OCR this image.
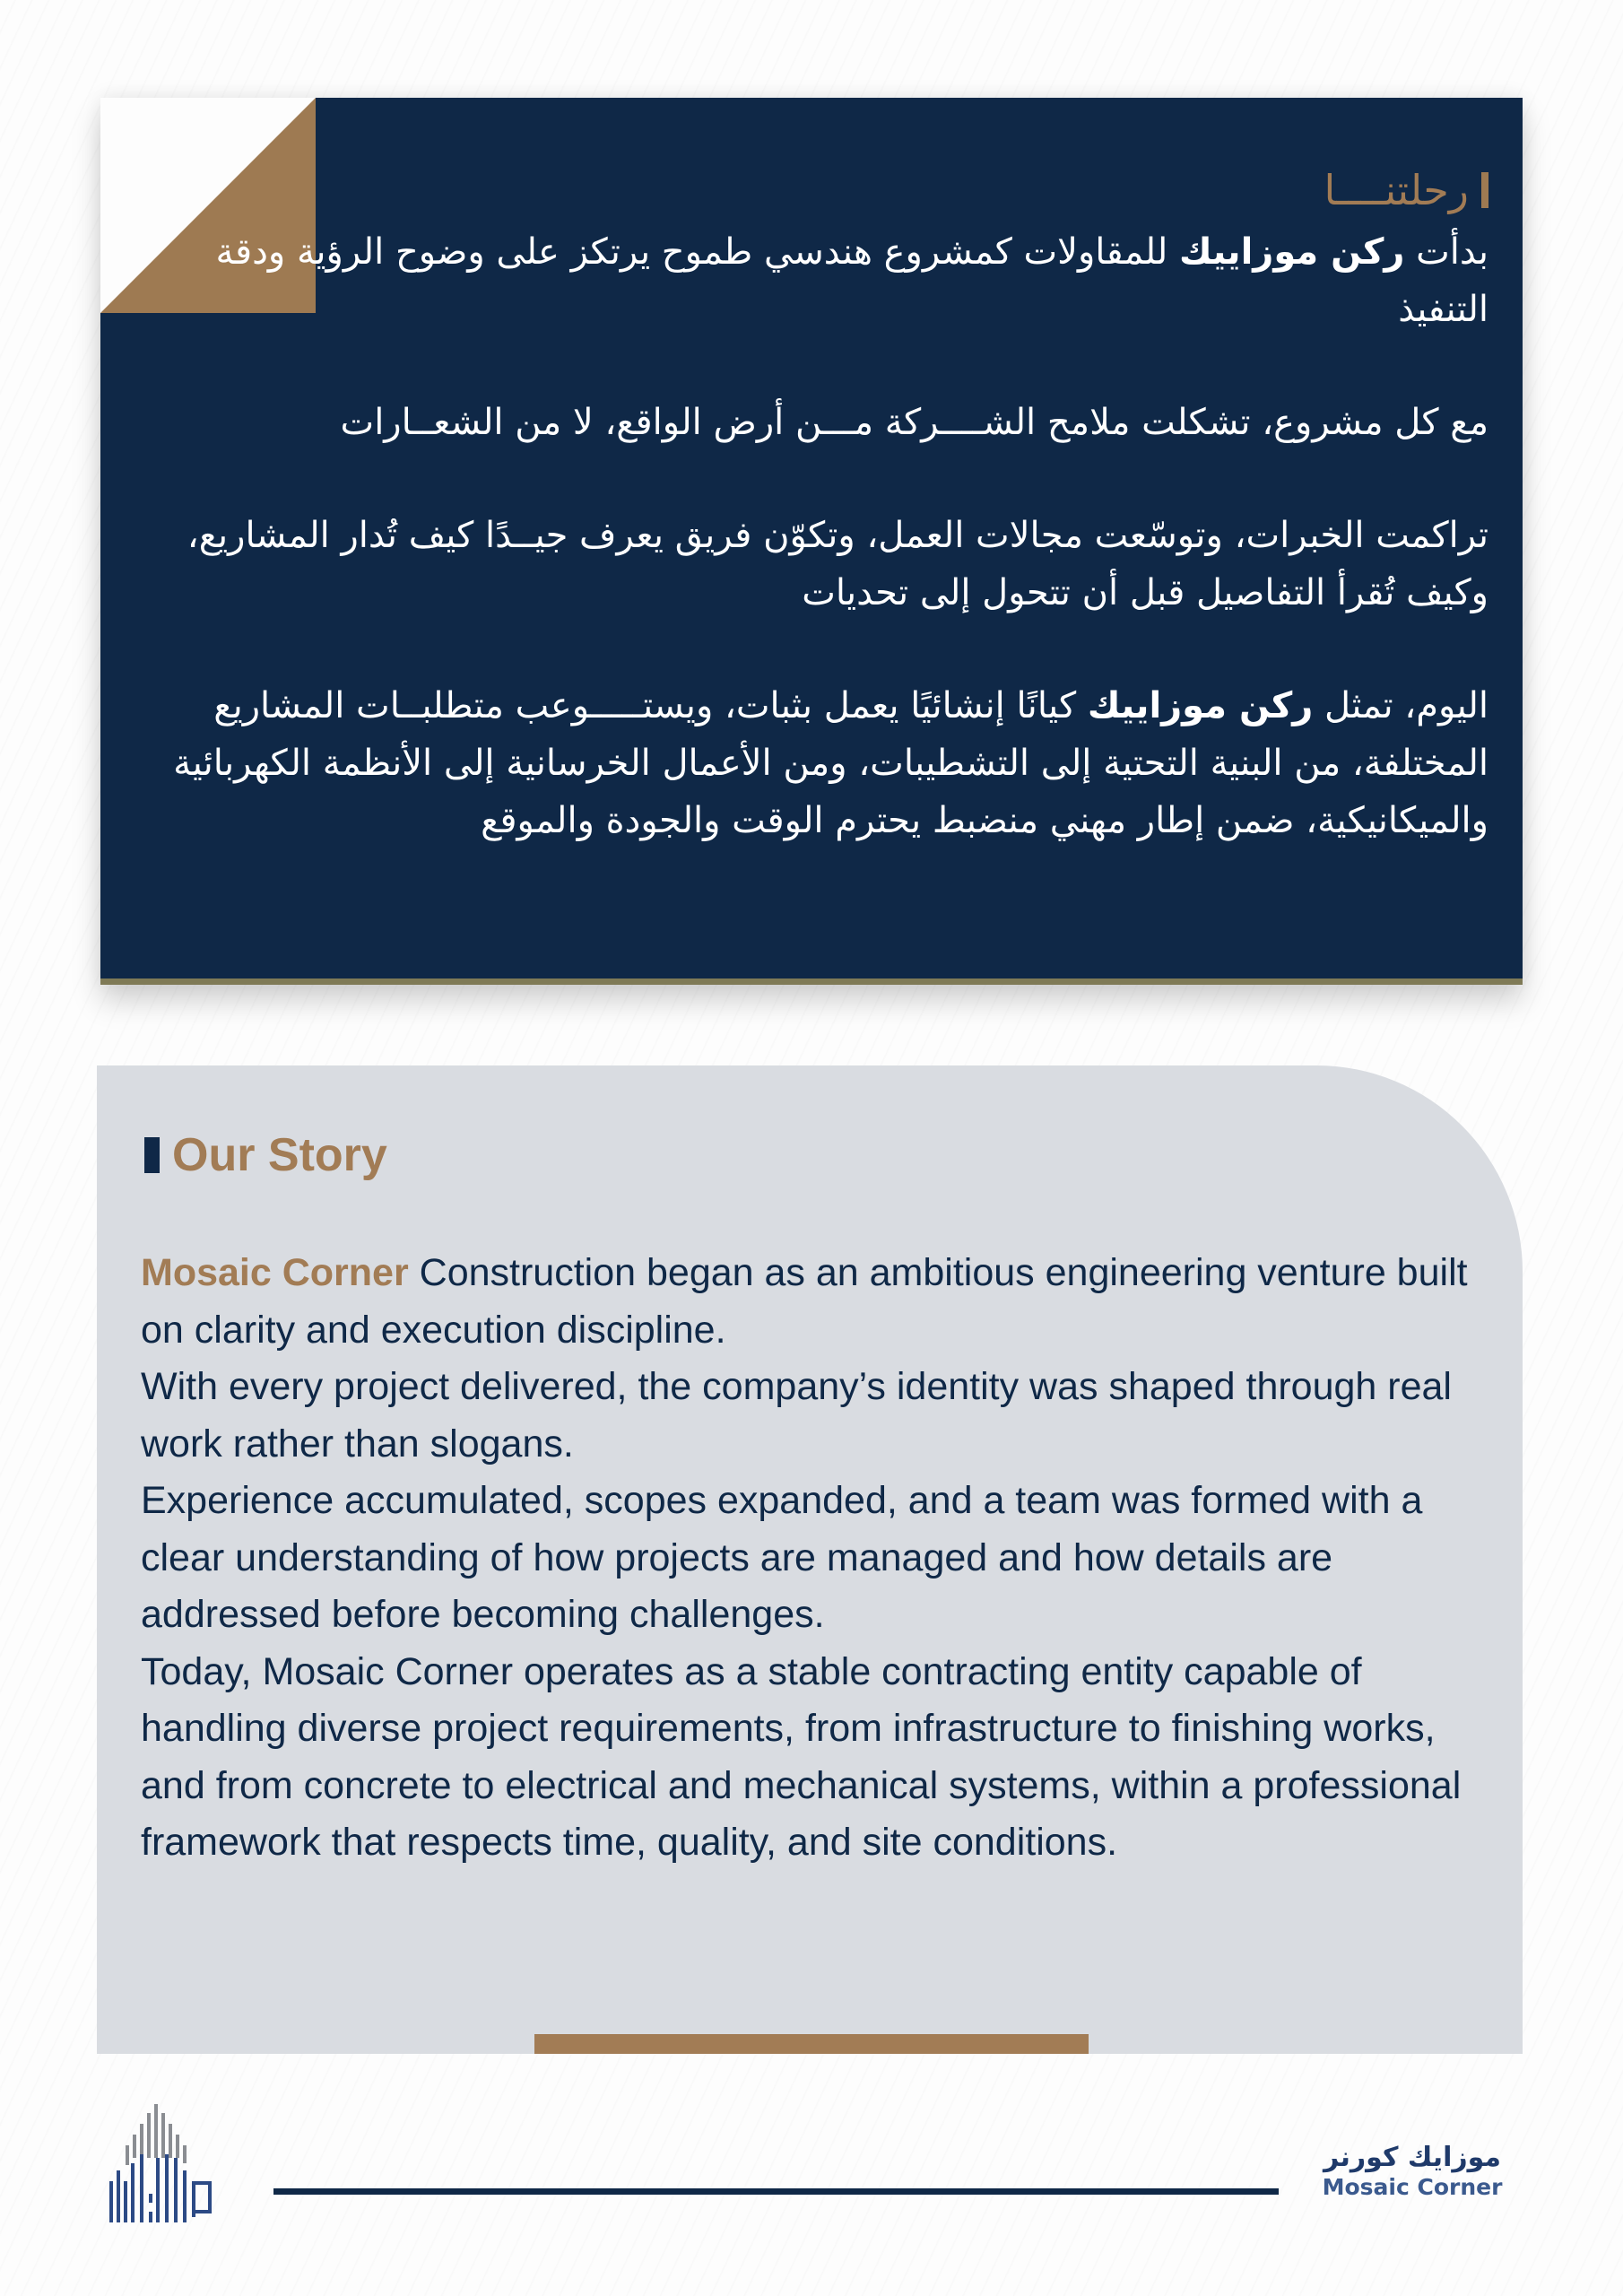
رحلتنــــا

بدأت ركن موزاييك للمقاولات كمشروع هندسي طموح يرتكز على وضوح الرؤية ودقة التنفيذ

مع كل مشروع، تشكلت ملامح الشــــركة مـــن أرض الواقع، لا من الشعــارات

تراكمت الخبرات، وتوسّعت مجالات العمل، وتكوّن فريق يعرف جيــدًا كيف تُدار المشاريع، وكيف تُقرأ التفاصيل قبل أن تتحول إلى تحديات

اليوم، تمثل ركن موزاييك كيانًا إنشائيًا يعمل بثبات، ويستـــــوعب متطلبــات المشاريع المختلفة، من البنية التحتية إلى التشطيبات، ومن الأعمال الخرسانية إلى الأنظمة الكهربائية والميكانيكية، ضمن إطار مهني منضبط يحترم الوقت والجودة والموقع

Our Story

Mosaic Corner Construction began as an ambitious engineering venture built on clarity and execution discipline.

With every project delivered, the company’s identity was shaped through real work rather than slogans.

Experience accumulated, scopes expanded, and a team was formed with a clear understanding of how projects are managed and how details are addressed before becoming challenges.

Today, Mosaic Corner operates as a stable contracting entity capable of handling diverse project requirements, from infrastructure to finishing works, and from concrete to electrical and mechanical systems, within a professional framework that respects time, quality, and site conditions.

موزايك كورنر
Mosaic Corner
